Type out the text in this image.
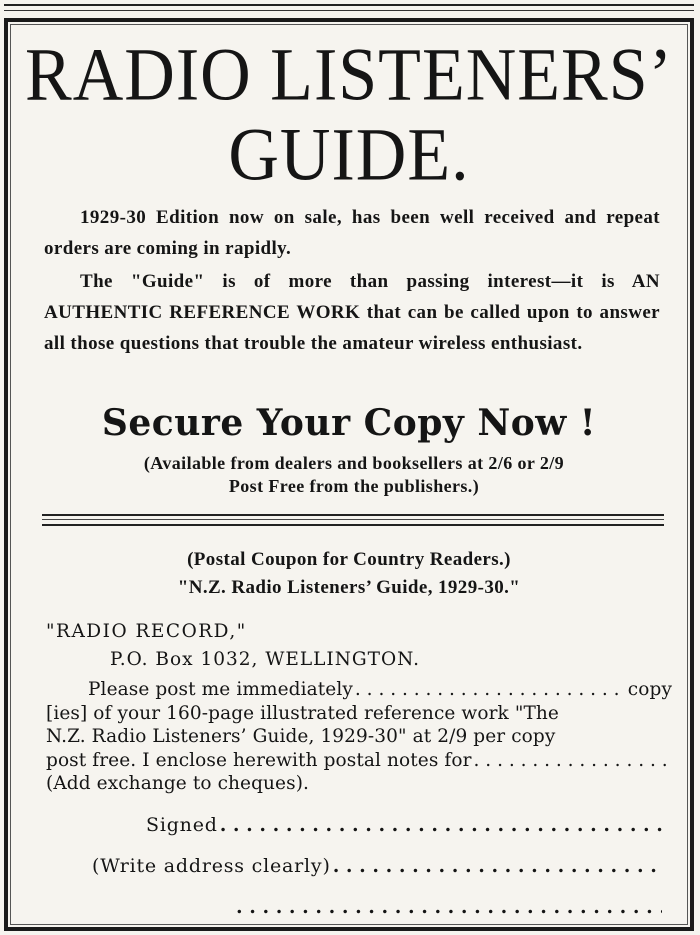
RADIO LISTENERS’
GUIDE.
1929-30 Edition now on sale, has been well received and repeat orders are coming in rapidly.
The "Guide" is of more than passing interest—it is AN AUTHENTIC REFERENCE WORK that can be called upon to answer all those questions that trouble the amateur wireless enthusiast.
Secure Your Copy Now !
(Available from dealers and booksellers at 2/6 or 2/9
Post Free from the publishers.)
(Postal Coupon for Country Readers.)
"N.Z. Radio Listeners’ Guide, 1929-30."
"RADIO RECORD,"
P.O. Box 1032, WELLINGTON.
Please post me immediately
. . .	copy
[ies] of your 160-page illustrated reference work "The
N.Z. Radio Listeners’ Guide, 1929-30" at 2/9 per copy
post free. I enclose herewith postal notes for
. . .
(Add exchange to cheques).
Signed
. . .
(Write address clearly)
. . .
. . .
